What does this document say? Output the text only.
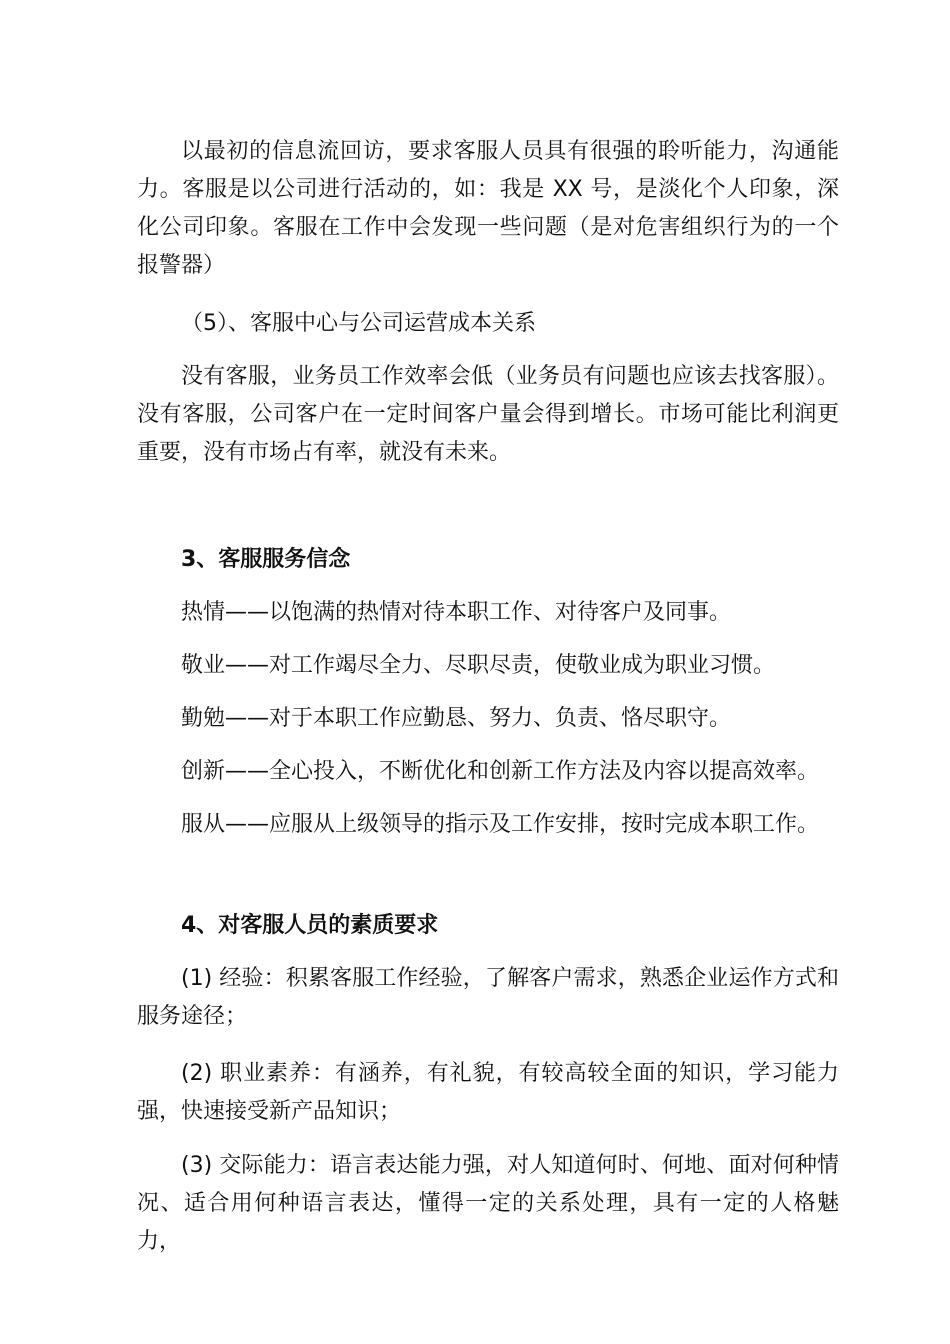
以最初的信息流回访，要求客服人员具有很强的聆听能力，沟通能力。客服是以公司进行活动的，如：我是 XX 号，是淡化个人印象，深化公司印象。客服在工作中会发现一些问题（是对危害组织行为的一个报警器）

（5）、客服中心与公司运营成本关系

没有客服，业务员工作效率会低（业务员有问题也应该去找客服）。没有客服，公司客户在一定时间客户量会得到增长。市场可能比利润更重要，没有市场占有率，就没有未来。

3、客服服务信念

热情——以饱满的热情对待本职工作、对待客户及同事。

敬业——对工作竭尽全力、尽职尽责，使敬业成为职业习惯。

勤勉——对于本职工作应勤恳、努力、负责、恪尽职守。

创新——全心投入，不断优化和创新工作方法及内容以提高效率。

服从——应服从上级领导的指示及工作安排，按时完成本职工作。

4、对客服人员的素质要求

(1) 经验：积累客服工作经验，了解客户需求，熟悉企业运作方式和服务途径；

(2) 职业素养：有涵养，有礼貌，有较高较全面的知识，学习能力强，快速接受新产品知识；

(3) 交际能力：语言表达能力强，对人知道何时、何地、面对何种情况、适合用何种语言表达，懂得一定的关系处理，具有一定的人格魅力，
